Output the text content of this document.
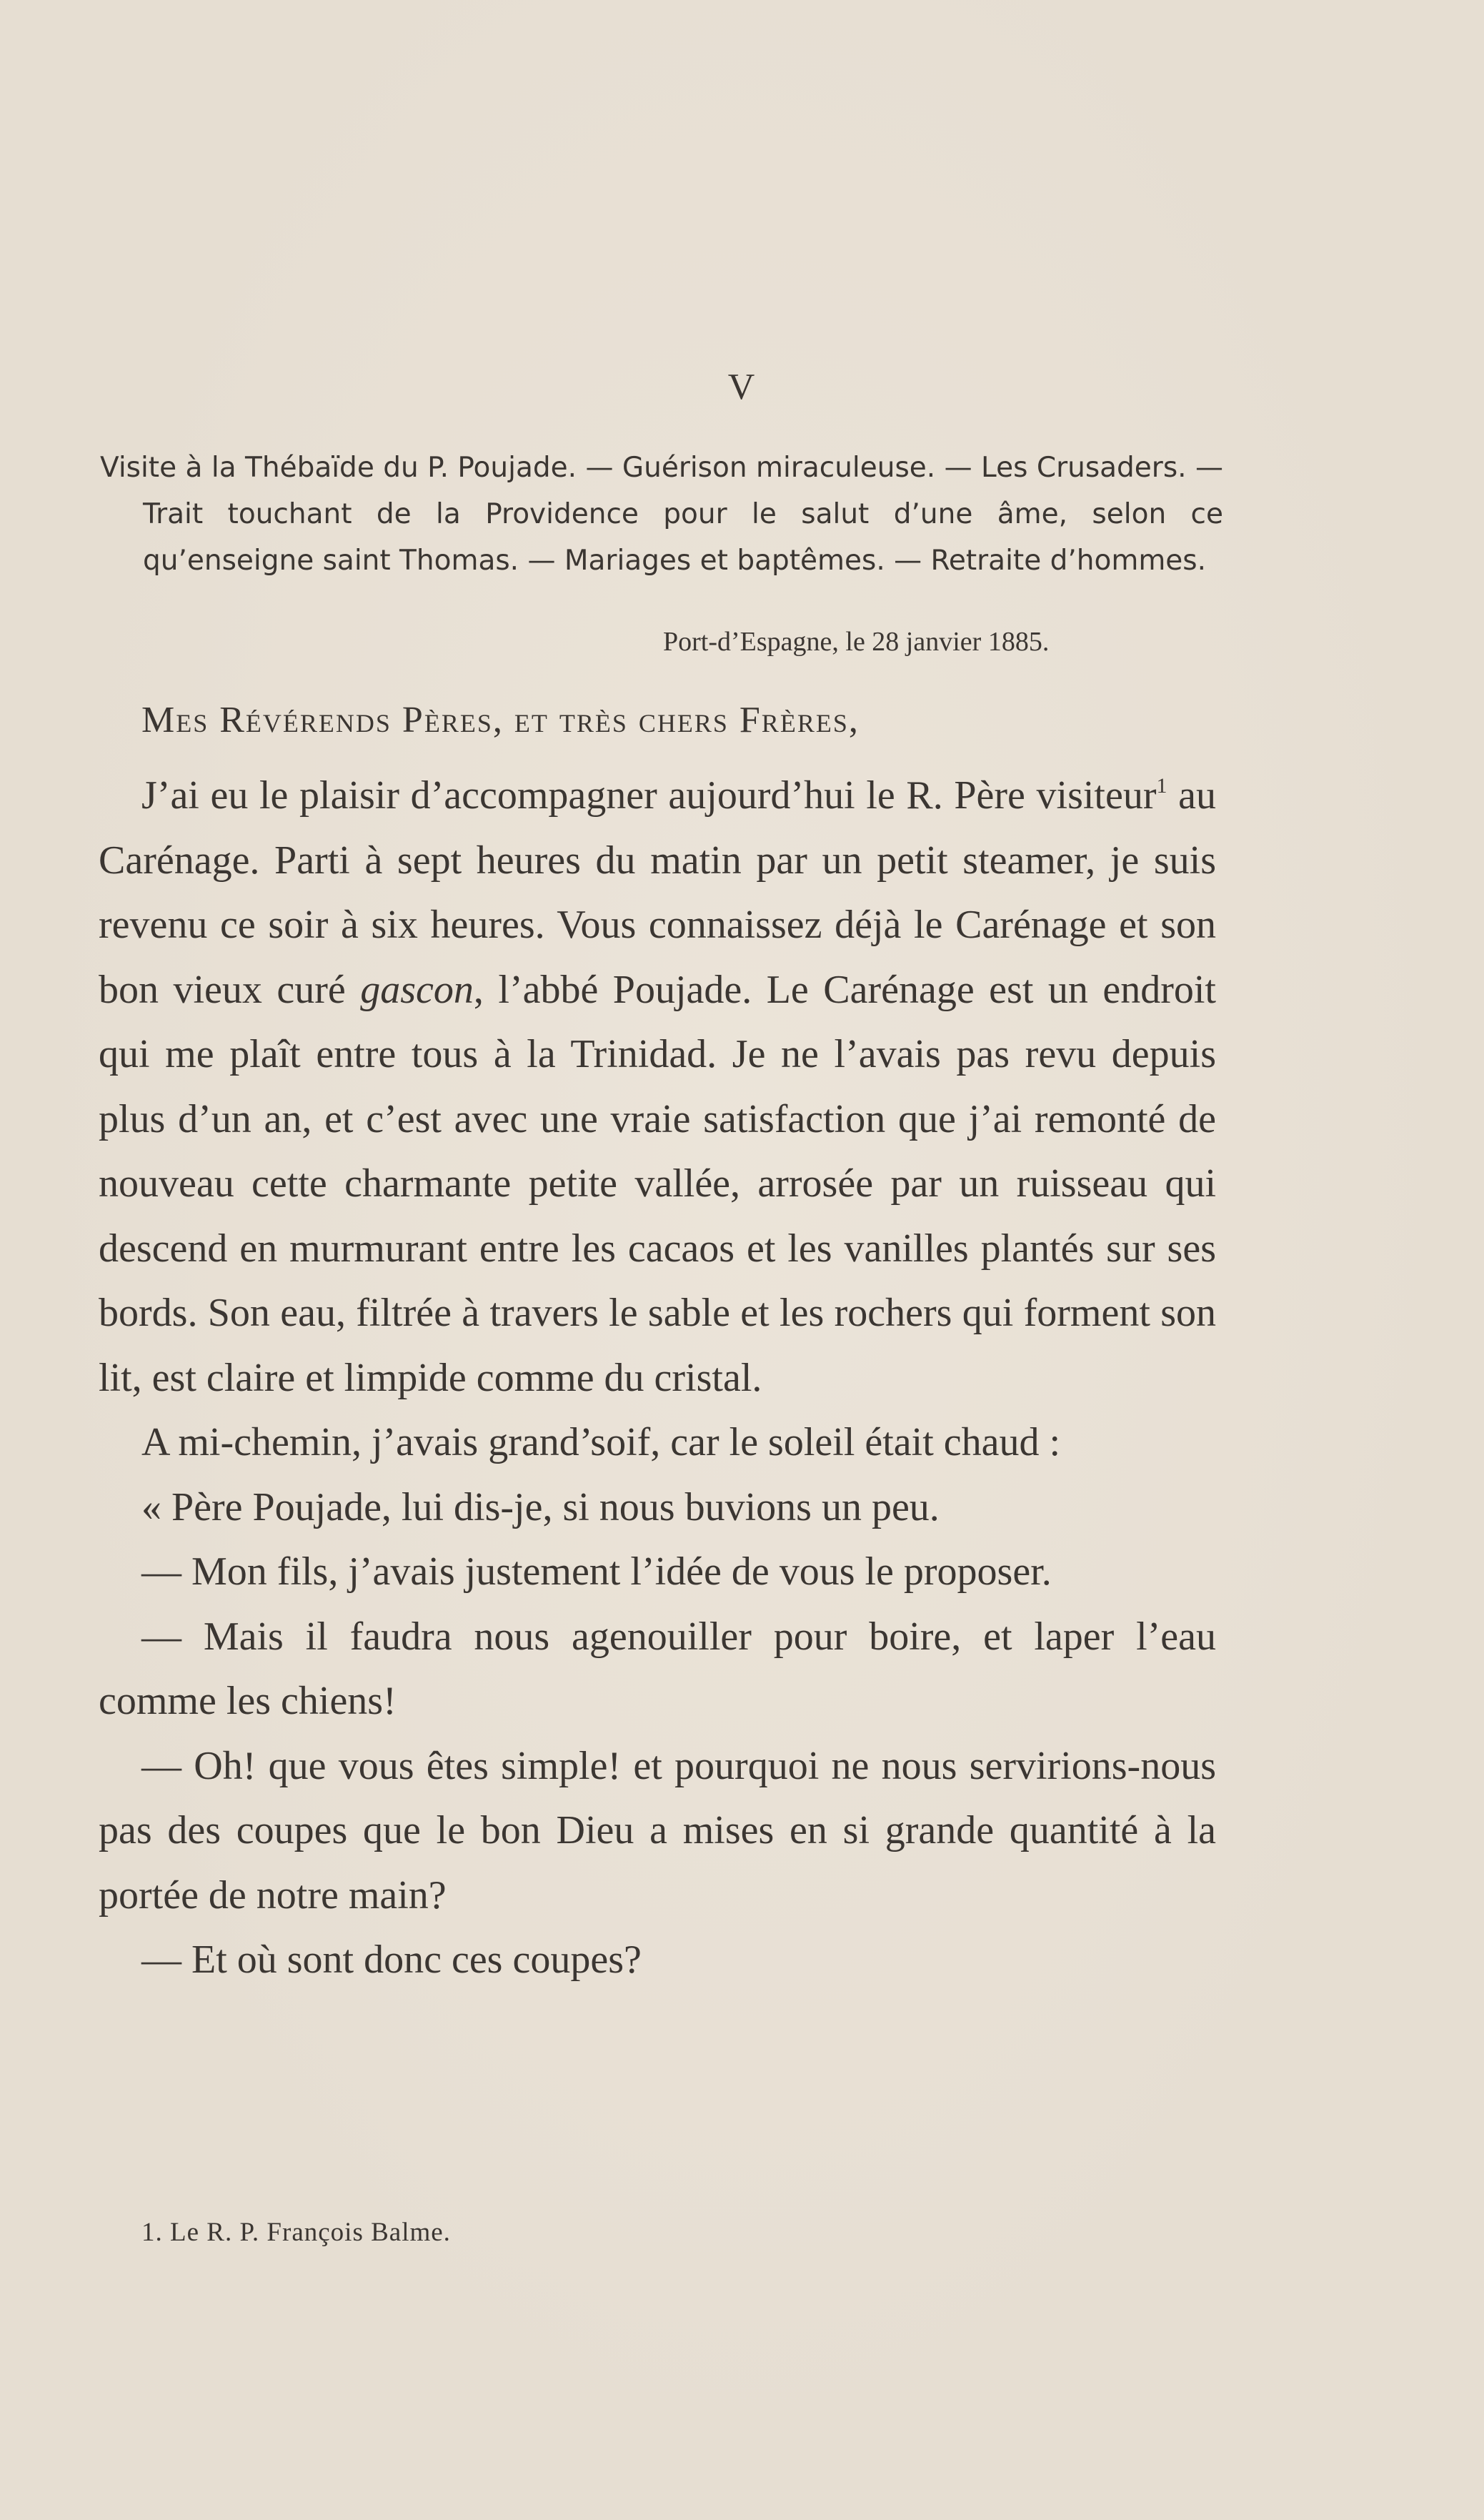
V

Visite à la Thébaïde du P. Poujade. — Guérison miraculeuse. — Les Crusaders. — Trait touchant de la Providence pour le salut d’une âme, selon ce qu’enseigne saint Thomas. — Mariages et baptêmes. — Retraite d’hommes.

Port-d’Espagne, le 28 janvier 1885.
Mes Révérends Pères, et très chers Frères,

J’ai eu le plaisir d’accompagner aujourd’hui le R. Père visiteur$^1$ au Carénage. Parti à sept heures du matin par un petit steamer, je suis revenu ce soir à six heures. Vous connaissez déjà le Carénage et son bon vieux curé gascon, l’abbé Poujade. Le Carénage est un endroit qui me plaît entre tous à la Trinidad. Je ne l’avais pas revu depuis plus d’un an, et c’est avec une vraie satisfaction que j’ai remonté de nouveau cette charmante petite vallée, arrosée par un ruisseau qui descend en murmurant entre les cacaos et les vanilles plantés sur ses bords. Son eau, filtrée à travers le sable et les rochers qui forment son lit, est claire et limpide comme du cristal.

A mi-chemin, j’avais grand’soif, car le soleil était chaud :

« Père Poujade, lui dis-je, si nous buvions un peu.

— Mon fils, j’avais justement l’idée de vous le proposer.

— Mais il faudra nous agenouiller pour boire, et laper l’eau comme les chiens!

— Oh! que vous êtes simple! et pourquoi ne nous servirions-nous pas des coupes que le bon Dieu a mises en si grande quantité à la portée de notre main?

— Et où sont donc ces coupes?

1. Le R. P. François Balme.
